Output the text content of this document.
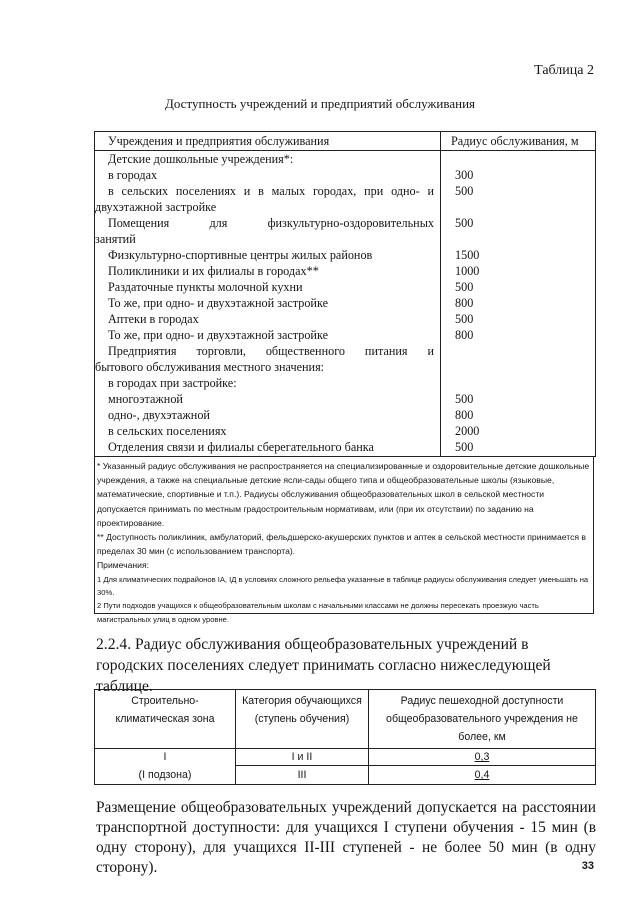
Таблица 2
Доступность учреждений и предприятий обслуживания
Учреждения и предприятия обслуживания	Радиус обслуживания, м
Детские дошкольные учреждения*:	
в городах	300

в сельских поселениях и в малых городах, при одно- и
двухэтажной застройке	500

Помещения для физкультурно-оздоровительных
занятий	500
Физкультурно-спортивные центры жилых районов	1500
Поликлиники и их филиалы в городах**	1000
Раздаточные пункты молочной кухни	500
То же, при одно- и двухэтажной застройке	800
Аптеки в городах	500
То же, при одно- и двухэтажной застройке	800

Предприятия торговли, общественного питания и
бытового обслуживания местного значения:	
в городах при застройке:	
многоэтажной	500
одно-, двухэтажной	800
в сельских поселениях	2000
Отделения связи и филиалы сберегательного банка	500

* Указанный радиус обслуживания не распространяется на специализированные и оздоровительные детские дошкольные учреждения, а также на специальные детские ясли-сады общего типа и общеобразовательные школы (языковые, математические, спортивные и т.п.). Радиусы обслуживания общеобразовательных школ в сельской местности допускается принимать по местным градостроительным нормативам, или (при их отсутствии) по заданию на проектирование.

** Доступность поликлиник, амбулаторий, фельдшерско-акушерских пунктов и аптек в сельской местности принимается в пределах 30 мин (с использованием транспорта).

Примечания:

1 Для климатических подрайонов IА, IД в условиях сложного рельефа указанные в таблице радиусы обслуживания следует уменьшать на 30%.

2 Пути подходов учащихся к общеобразовательным школам с начальными классами не должны пересекать проезжую часть магистральных улиц в одном уровне.

2.2.4. Радиус обслуживания общеобразовательных учреждений в городских поселениях следует принимать согласно нижеследующей таблице.
Строительно-климатическая зона	Категория обучающихся (ступень обучения)	Радиус пешеходной доступности общеобразовательного учреждения не более, км
I	I и II	0,3
(I подзона)	III	0,4
Размещение общеобразовательных учреждений допускается на расстоянии транспортной доступности: для учащихся I ступени обучения - 15 мин (в одну сторону), для учащихся II-III ступеней - не более 50 мин (в одну сторону).	33
